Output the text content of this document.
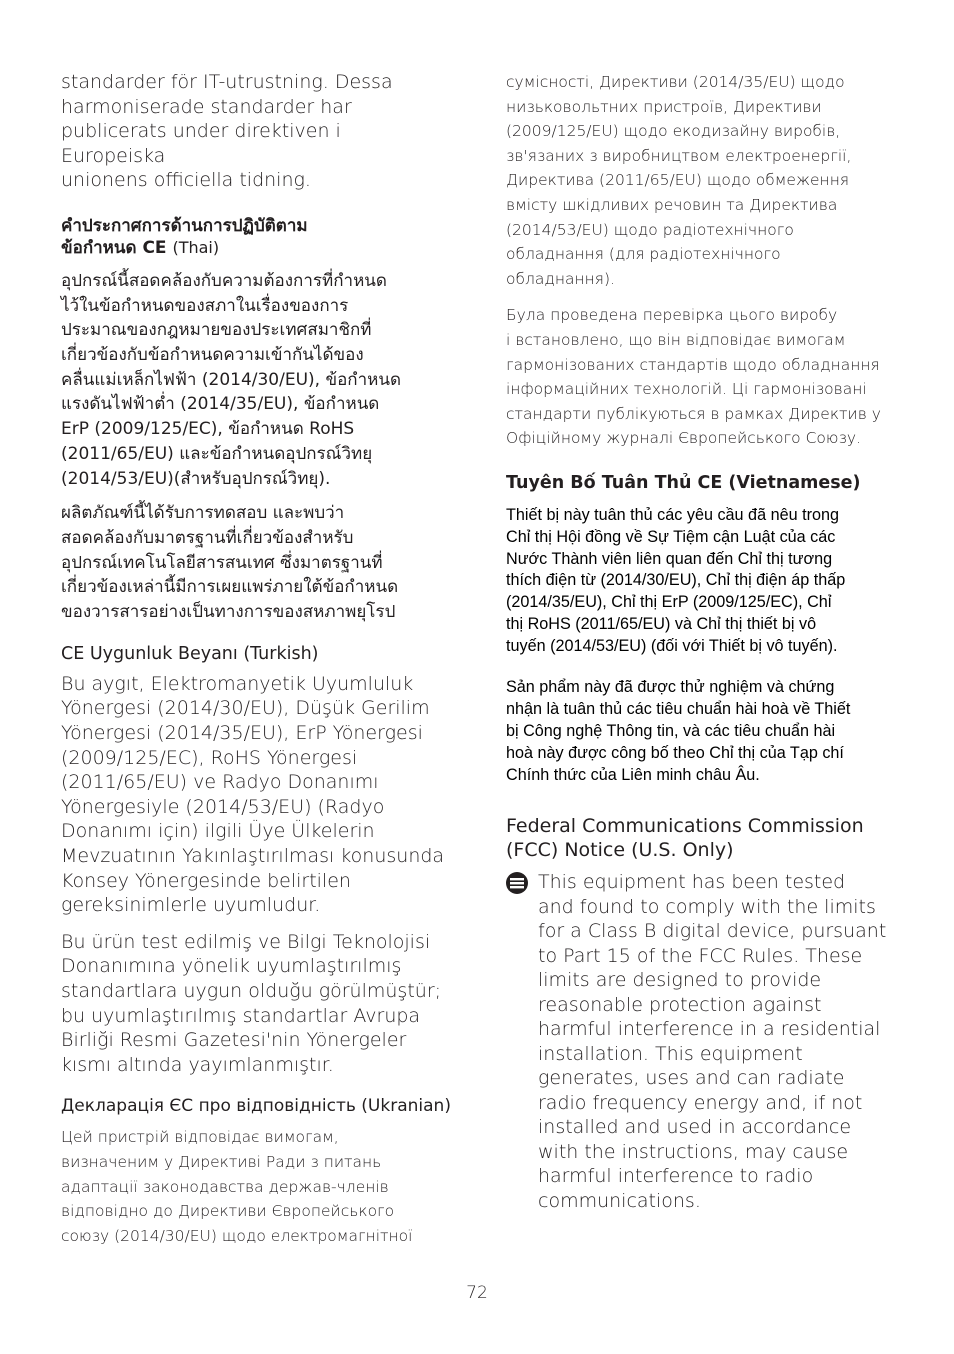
standarder för IT-utrustning. Dessa
harmoniserade standarder har
publicerats under direktiven i Europeiska
unionens officiella tidning.

คำประกาศการด้านการปฏิบัติตาม
ข้อกำหนด CE (Thai)

อุปกรณ์นี้สอดคล้องกับความต้องการที่กำหนด
ไว้ในข้อกำหนดของสภาในเรื่องของการ
ประมาณของกฎหมายของประเทศสมาชิกที่
เกี่ยวข้องกับข้อกำหนดความเข้ากันได้ของ
คลื่นแม่เหล็กไฟฟ้า (2014/30/EU), ข้อกำหนด
แรงดันไฟฟ้าต่ำ (2014/35/EU), ข้อกำหนด
ErP (2009/125/EC), ข้อกำหนด RoHS
(2011/65/EU) และข้อกำหนดอุปกรณ์วิทยุ
(2014/53/EU)(สำหรับอุปกรณ์วิทยุ).

ผลิตภัณฑ์นี้ได้รับการทดสอบ และพบว่า
สอดคล้องกับมาตรฐานที่เกี่ยวข้องสำหรับ
อุปกรณ์เทคโนโลยีสารสนเทศ ซึ่งมาตรฐานที่
เกี่ยวข้องเหล่านี้มีการเผยแพร่ภายใต้ข้อกำหนด
ของวารสารอย่างเป็นทางการของสหภาพยุโรป

CE Uygunluk Beyanı (Turkish)

Bu aygıt, Elektromanyetik Uyumluluk
Yönergesi (2014/30/EU), Düşük Gerilim
Yönergesi (2014/35/EU), ErP Yönergesi
(2009/125/EC), RoHS Yönergesi
(2011/65/EU) ve Radyo Donanımı
Yönergesiyle (2014/53/EU) (Radyo
Donanımı için) ilgili Üye Ülkelerin
Mevzuatının Yakınlaştırılması konusunda
Konsey Yönergesinde belirtilen
gereksinimlerle uyumludur.

Bu ürün test edilmiş ve Bilgi Teknolojisi
Donanımına yönelik uyumlaştırılmış
standartlara uygun olduğu görülmüştür;
bu uyumlaştırılmış standartlar Avrupa
Birliği Resmi Gazetesi'nin Yönergeler
kısmı altında yayımlanmıştır.

Декларація ЄС про відповідність (Ukranian)

Цей пристрій відповідає вимогам,
визначеним у Директиві Ради з питань
адаптації законодавства держав-членів
відповідно до Директиви Європейського
союзу (2014/30/EU) щодо електромагнітної

сумісності, Директиви (2014/35/EU) щодо
низьковольтних пристроїв, Директиви
(2009/125/EU) щодо екодизайну виробів,
зв'язаних з виробництвом електроенергії,
Директива (2011/65/EU) щодо обмеження
вмісту шкідливих речовин та Директива
(2014/53/EU) щодо радіотехнічного
обладнання (для радіотехнічного
обладнання).

Була проведена перевірка цього виробу
і встановлено, що він відповідає вимогам
гармонізованих стандартів щодо обладнання
інформаційних технологій. Ці гармонізовані
стандарти публікуються в рамках Директив у
Офіційному журналі Європейського Союзу.

Tuyên Bố Tuân Thủ CE (Vietnamese)

Thiết bị này tuân thủ các yêu cầu đã nêu trong
Chỉ thị Hội đồng về Sự Tiệm cận Luật của các
Nước Thành viên liên quan đến Chỉ thị tương
thích điện từ (2014/30/EU), Chỉ thị điện áp thấp
(2014/35/EU), Chỉ thị ErP (2009/125/EC), Chỉ
thị RoHS (2011/65/EU) và Chỉ thị thiết bị vô
tuyến (2014/53/EU) (đối với Thiết bị vô tuyến).

Sản phẩm này đã được thử nghiệm và chứng
nhận là tuân thủ các tiêu chuẩn hài hoà về Thiết
bị Công nghệ Thông tin, và các tiêu chuẩn hài
hoà này được công bố theo Chỉ thị của Tạp chí
Chính thức của Liên minh châu Âu.

Federal Communications Commission
(FCC) Notice (U.S. Only)

This equipment has been tested
and found to comply with the limits
for a Class B digital device, pursuant
to Part 15 of the FCC Rules. These
limits are designed to provide
reasonable protection against
harmful interference in a residential
installation. This equipment
generates, uses and can radiate
radio frequency energy and, if not
installed and used in accordance
with the instructions, may cause
harmful interference to radio
communications.

72
